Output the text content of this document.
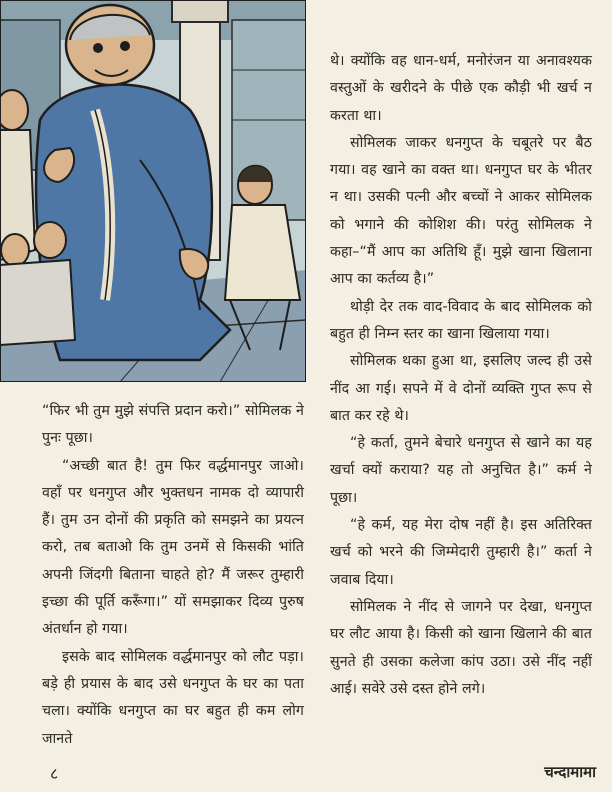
“फिर भी तुम मुझे संपत्ति प्रदान करो।” सोमिलक ने पुनः पूछा।

“अच्छी बात है! तुम फिर वर्द्धमानपुर जाओ। वहाँ पर धनगुप्त और भुक्तधन नामक दो व्यापारी हैं। तुम उन दोनों की प्रकृति को समझने का प्रयत्न करो, तब बताओ कि तुम उनमें से किसकी भांति अपनी जिंदगी बिताना चाहते हो? मैं जरूर तुम्हारी इच्छा की पूर्ति करूँगा।” यों समझाकर दिव्य पुरुष अंतर्धान हो गया।

इसके बाद सोमिलक वर्द्धमानपुर को लौट पड़ा। बड़े ही प्रयास के बाद उसे धनगुप्त के घर का पता चला। क्योंकि धनगुप्त का घर बहुत ही कम लोग जानते

थे। क्योंकि वह धान-धर्म, मनोरंजन या अनावश्यक वस्तुओं के खरीदने के पीछे एक कौड़ी भी खर्च न करता था।

सोमिलक जाकर धनगुप्त के चबूतरे पर बैठ गया। वह खाने का वक्त था। धनगुप्त घर के भीतर न था। उसकी पत्नी और बच्चों ने आकर सोमिलक को भगाने की कोशिश की। परंतु सोमिलक ने कहा–“मैं आप का अतिथि हूँ। मुझे खाना खिलाना आप का कर्तव्य है।”

थोड़ी देर तक वाद-विवाद के बाद सोमिलक को बहुत ही निम्न स्तर का खाना खिलाया गया।

सोमिलक थका हुआ था, इसलिए जल्द ही उसे नींद आ गई। सपने में वे दोनों व्यक्ति गुप्त रूप से बात कर रहे थे।

“हे कर्ता, तुमने बेचारे धनगुप्त से खाने का यह खर्चा क्यों कराया? यह तो अनुचित है।” कर्म ने पूछा।

“हे कर्म, यह मेरा दोष नहीं है। इस अतिरिक्त खर्च को भरने की जिम्मेदारी तुम्हारी है।” कर्ता ने जवाब दिया।

सोमिलक ने नींद से जागने पर देखा, धनगुप्त घर लौट आया है। किसी को खाना खिलाने की बात सुनते ही उसका कलेजा कांप उठा। उसे नींद नहीं आई। सवेरे उसे दस्त होने लगे।

८	चन्दामामा
